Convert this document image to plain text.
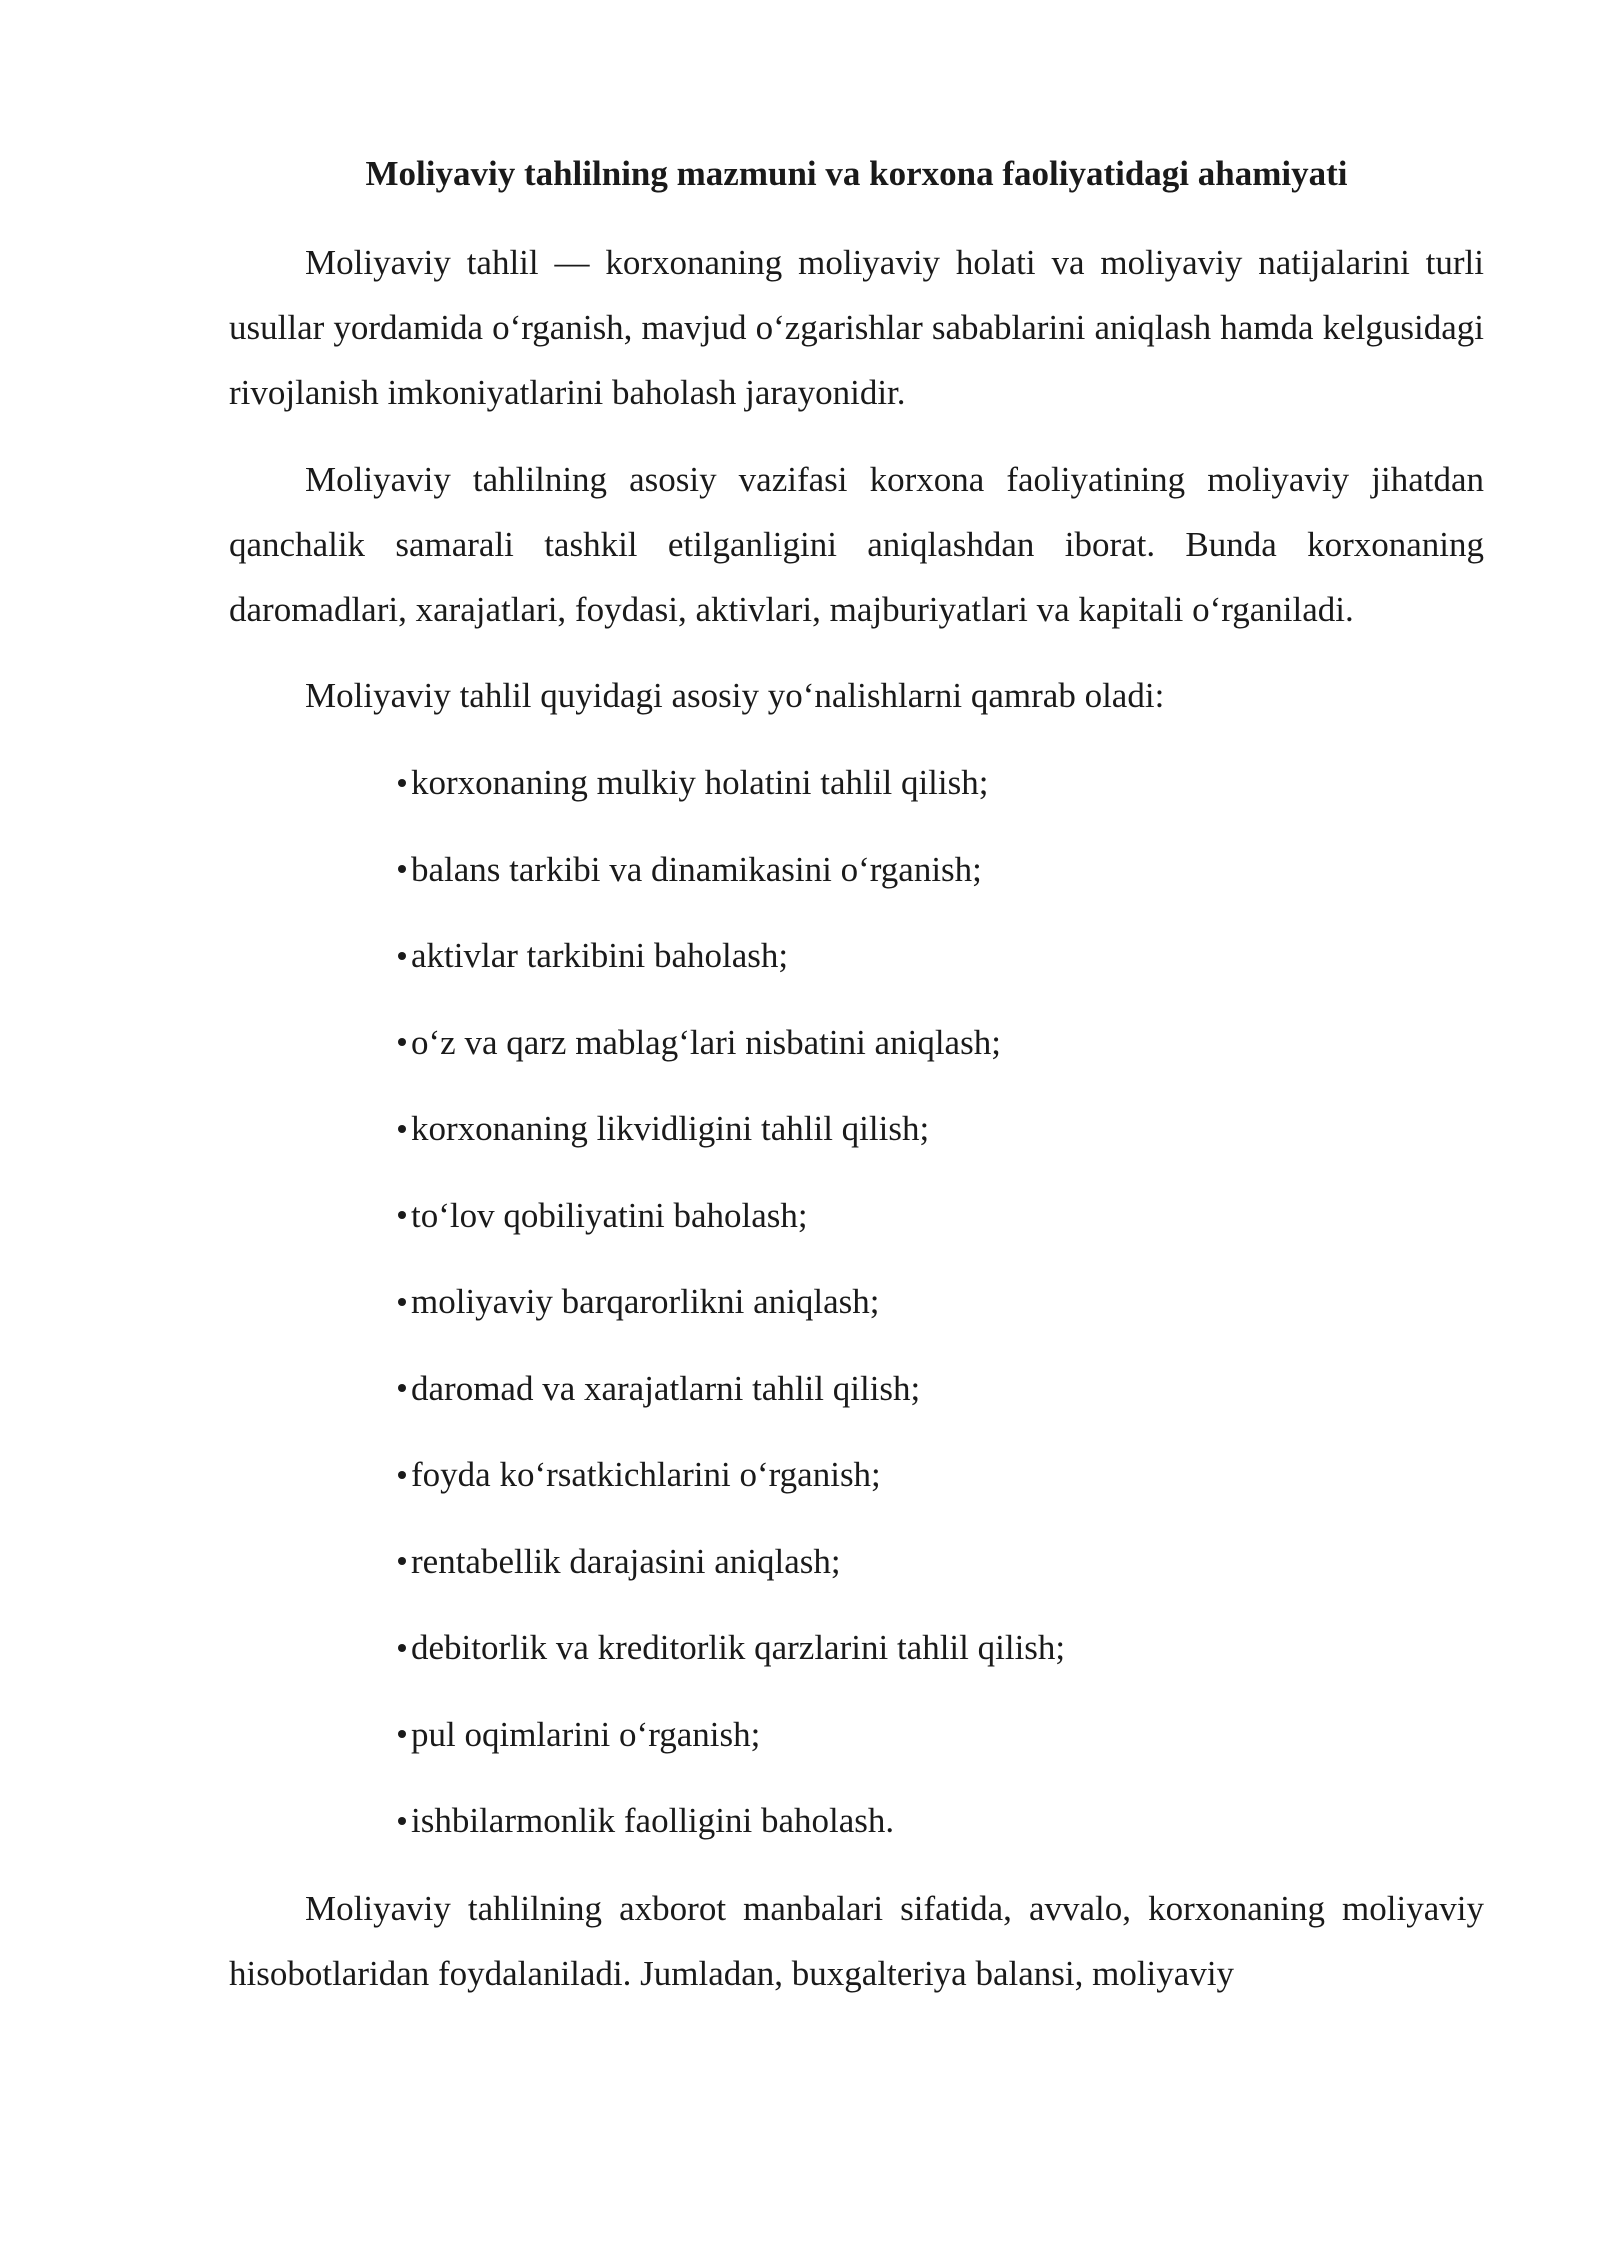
Moliyaviy tahlilning mazmuni va korxona faoliyatidagi ahamiyati

Moliyaviy tahlil — korxonaning moliyaviy holati va moliyaviy natijalarini turli usullar yordamida o‘rganish, mavjud o‘zgarishlar sabablarini aniqlash hamda kelgusidagi rivojlanish imkoniyatlarini baholash jarayonidir.

Moliyaviy tahlilning asosiy vazifasi korxona faoliyatining moliyaviy jihatdan qanchalik samarali tashkil etilganligini aniqlashdan iborat. Bunda korxonaning daromadlari, xarajatlari, foydasi, aktivlari, majburiyatlari va kapitali o‘rganiladi.

Moliyaviy tahlil quyidagi asosiy yo‘nalishlarni qamrab oladi:

korxonaning mulkiy holatini tahlil qilish;
balans tarkibi va dinamikasini o‘rganish;
aktivlar tarkibini baholash;
o‘z va qarz mablag‘lari nisbatini aniqlash;
korxonaning likvidligini tahlil qilish;
to‘lov qobiliyatini baholash;
moliyaviy barqarorlikni aniqlash;
daromad va xarajatlarni tahlil qilish;
foyda ko‘rsatkichlarini o‘rganish;
rentabellik darajasini aniqlash;
debitorlik va kreditorlik qarzlarini tahlil qilish;
pul oqimlarini o‘rganish;
ishbilarmonlik faolligini baholash.

Moliyaviy tahlilning axborot manbalari sifatida, avvalo, korxonaning moliyaviy hisobotlaridan foydalaniladi. Jumladan, buxgalteriya balansi, moliyaviy
